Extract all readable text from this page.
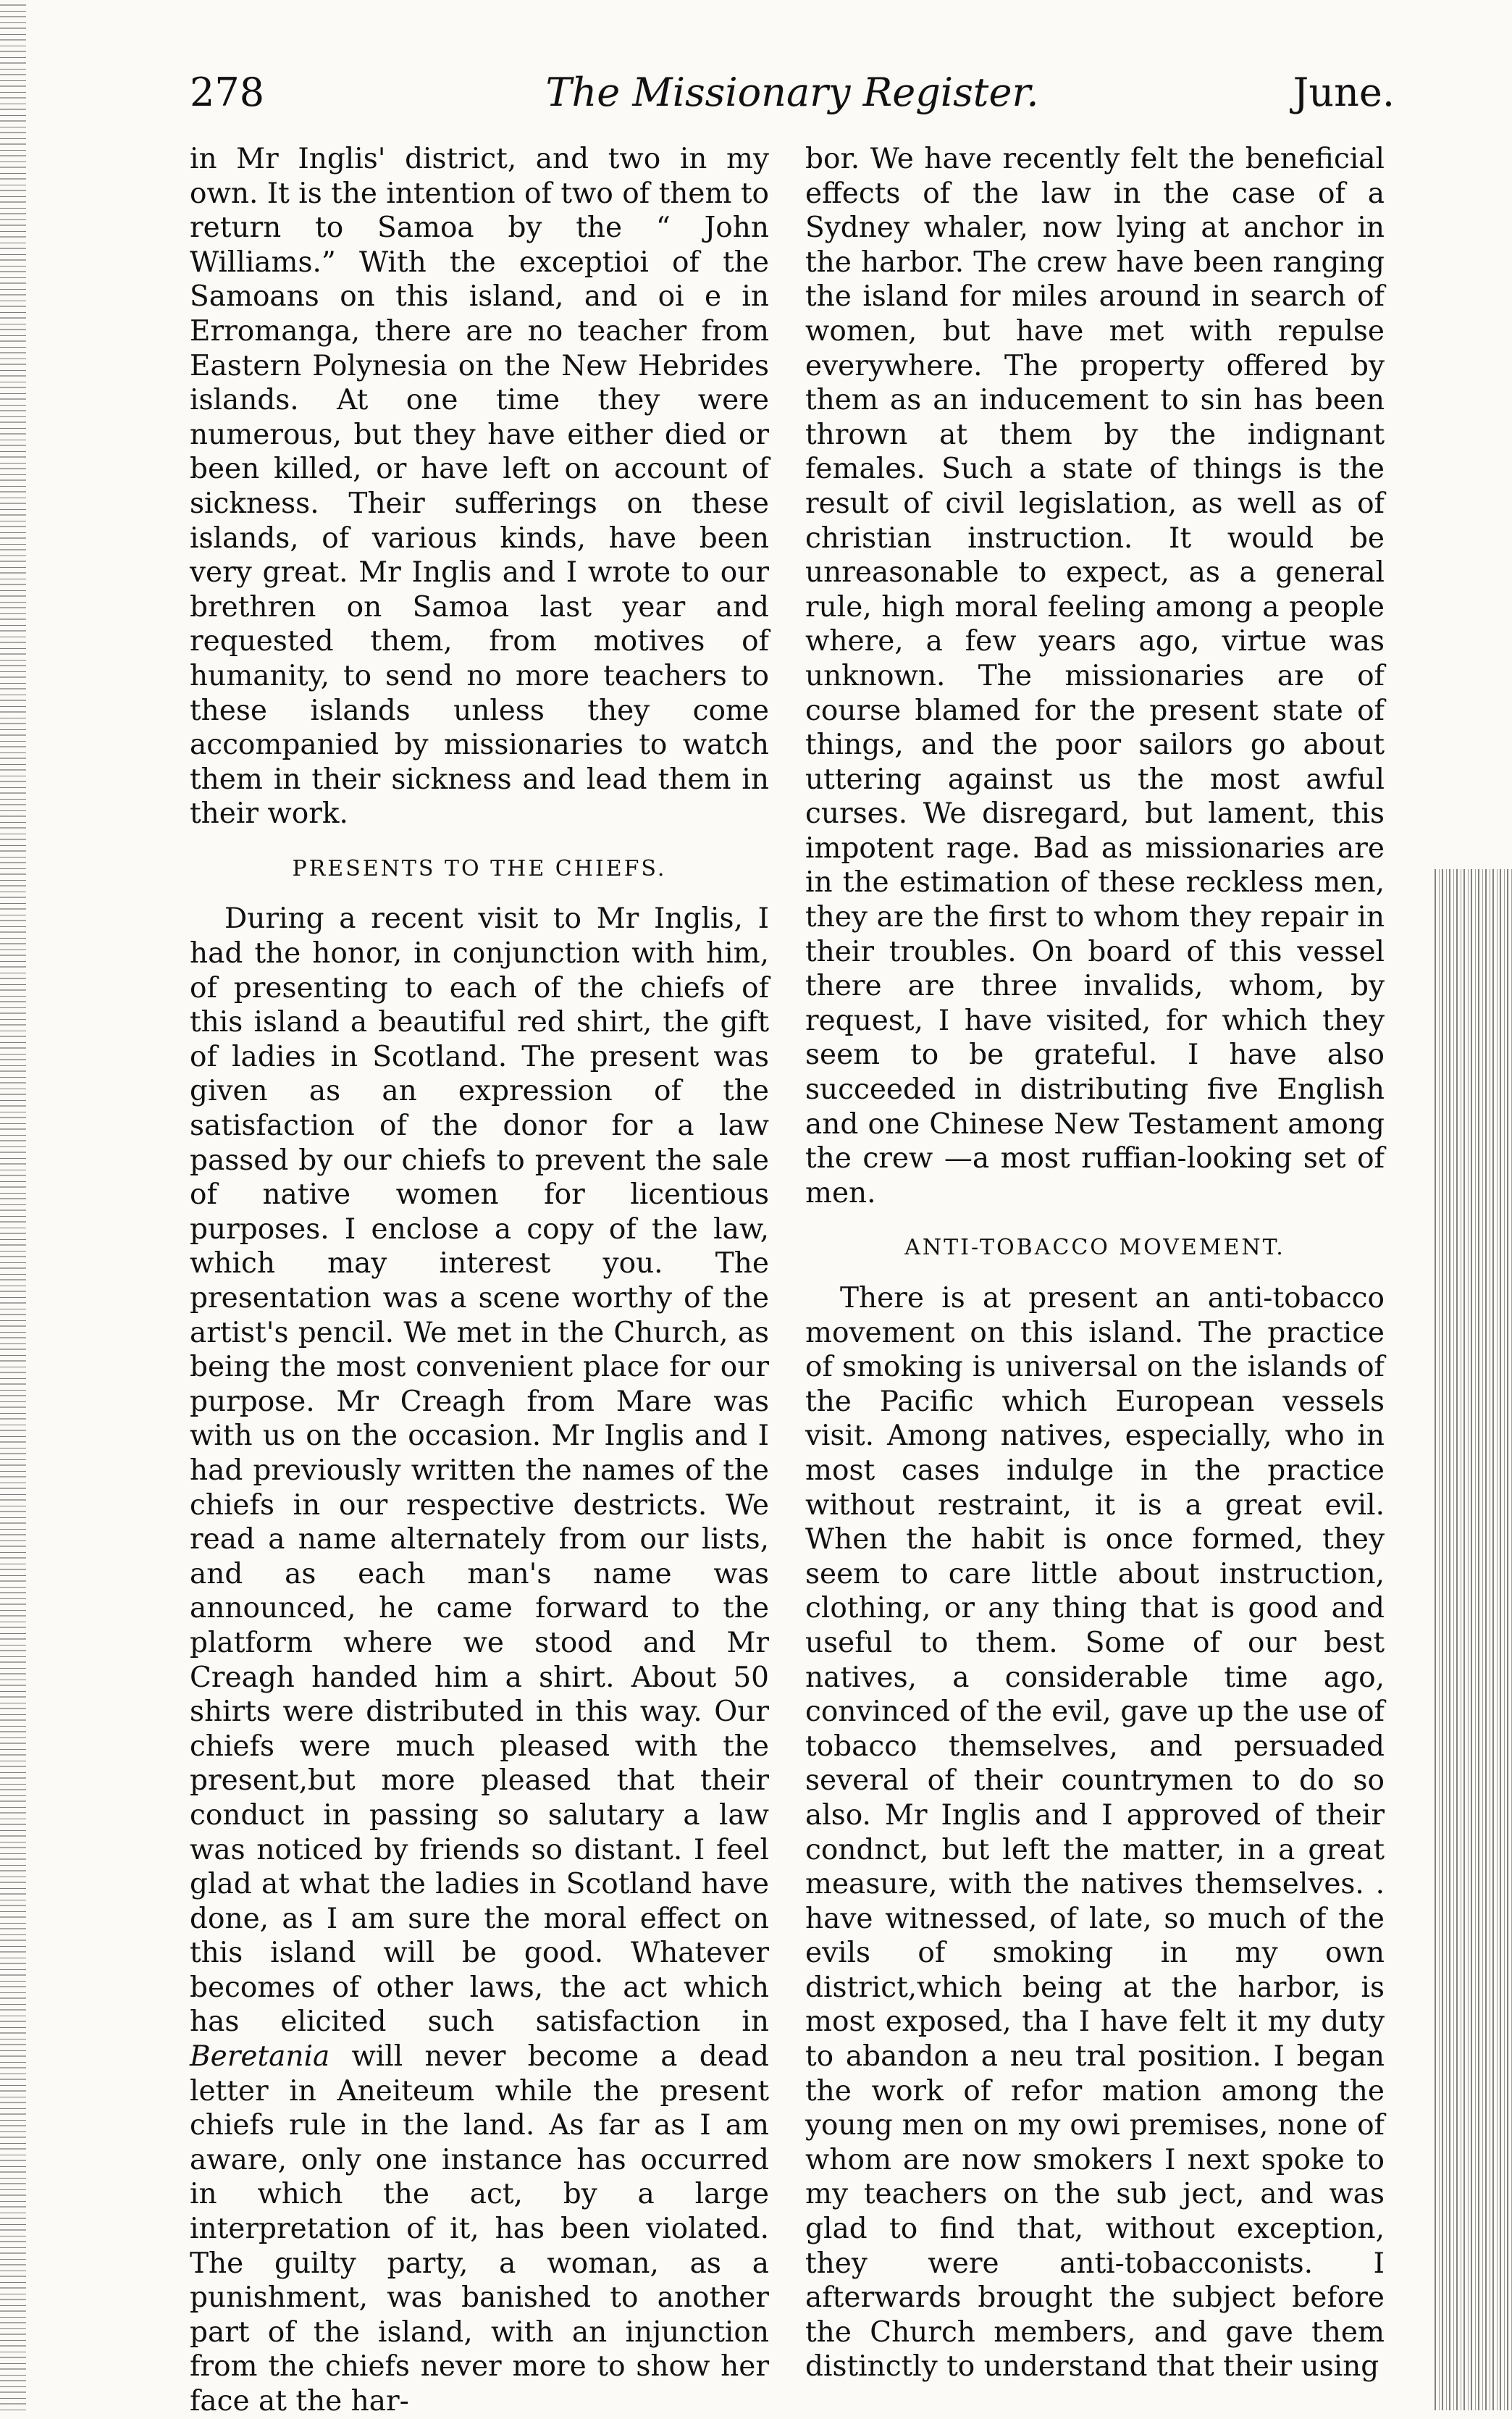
278	The Missionary Register.	June.

in Mr Inglis' district, and two in my own. It is the intention of two of them to return to Samoa by the “ John Williams.” With the exceptioi of the Samoans on this island, and oi e in Erromanga, there are no teacher from Eastern Polynesia on the New Hebrides islands. At one time they were numerous, but they have either died or been killed, or have left on account of sickness. Their sufferings on these islands, of various kinds, have been very great. Mr Inglis and I wrote to our brethren on Samoa last year and requested them, from motives of humanity, to send no more teachers to these islands unless they come accompanied by missionaries to watch them in their sickness and lead them in their work.

PRESENTS TO THE CHIEFS.

During a recent visit to Mr Inglis, I had the honor, in conjunction with him, of presenting to each of the chiefs of this island a beautiful red shirt, the gift of ladies in Scotland. The present was given as an expression of the satisfaction of the donor for a law passed by our chiefs to prevent the sale of native women for licentious purposes. I enclose a copy of the law, which may interest you. The presentation was a scene worthy of the artist's pencil. We met in the Church, as being the most convenient place for our purpose. Mr Creagh from Mare was with us on the occasion. Mr Inglis and I had previously written the names of the chiefs in our respective destricts. We read a name alternately from our lists, and as each man's name was announced, he came forward to the platform where we stood and Mr Creagh handed him a shirt. About 50 shirts were distributed in this way. Our chiefs were much pleased with the present,but more pleased that their conduct in passing so salutary a law was noticed by friends so distant. I feel glad at what the ladies in Scotland have done, as I am sure the moral effect on this island will be good. Whatever becomes of other laws, the act which has elicited such satisfaction in Beretania will never become a dead letter in Aneiteum while the present chiefs rule in the land. As far as I am aware, only one instance has occurred in which the act, by a large interpretation of it, has been violated. The guilty party, a woman, as a punishment, was banished to another part of the island, with an injunction from the chiefs never more to show her face at the har-

bor. We have recently felt the beneficial effects of the law in the case of a Sydney whaler, now lying at anchor in the harbor. The crew have been ranging the island for miles around in search of women, but have met with repulse everywhere. The property offered by them as an inducement to sin has been thrown at them by the indignant females. Such a state of things is the result of civil legislation, as well as of christian instruction. It would be unreasonable to expect, as a general rule, high moral feeling among a people where, a few years ago, virtue was unknown. The missionaries are of course blamed for the present state of things, and the poor sailors go about uttering against us the most awful curses. We disregard, but lament, this impotent rage. Bad as missionaries are in the estimation of these reckless men, they are the first to whom they repair in their troubles. On board of this vessel there are three invalids, whom, by request, I have visited, for which they seem to be grateful. I have also succeeded in distributing five English and one Chinese New Testament among the crew —a most ruffian-looking set of men.

ANTI-TOBACCO MOVEMENT.

There is at present an anti-tobacco movement on this island. The practice of smoking is universal on the islands of the Pacific which European vessels visit. Among natives, especially, who in most cases indulge in the practice without restraint, it is a great evil. When the habit is once formed, they seem to care little about instruction, clothing, or any thing that is good and useful to them. Some of our best natives, a considerable time ago, convinced of the evil, gave up the use of tobacco themselves, and persuaded several of their countrymen to do so also. Mr Inglis and I approved of their condnct, but left the matter, in a great measure, with the natives themselves. . have witnessed, of late, so much of the evils of smoking in my own district,which being at the harbor, is most exposed, tha I have felt it my duty to abandon a neu tral position. I began the work of refor mation among the young men on my owi premises, none of whom are now smokers I next spoke to my teachers on the sub ject, and was glad to find that, without exception, they were anti-tobacconists. I afterwards brought the subject before the Church members, and gave them distinctly to understand that their using
